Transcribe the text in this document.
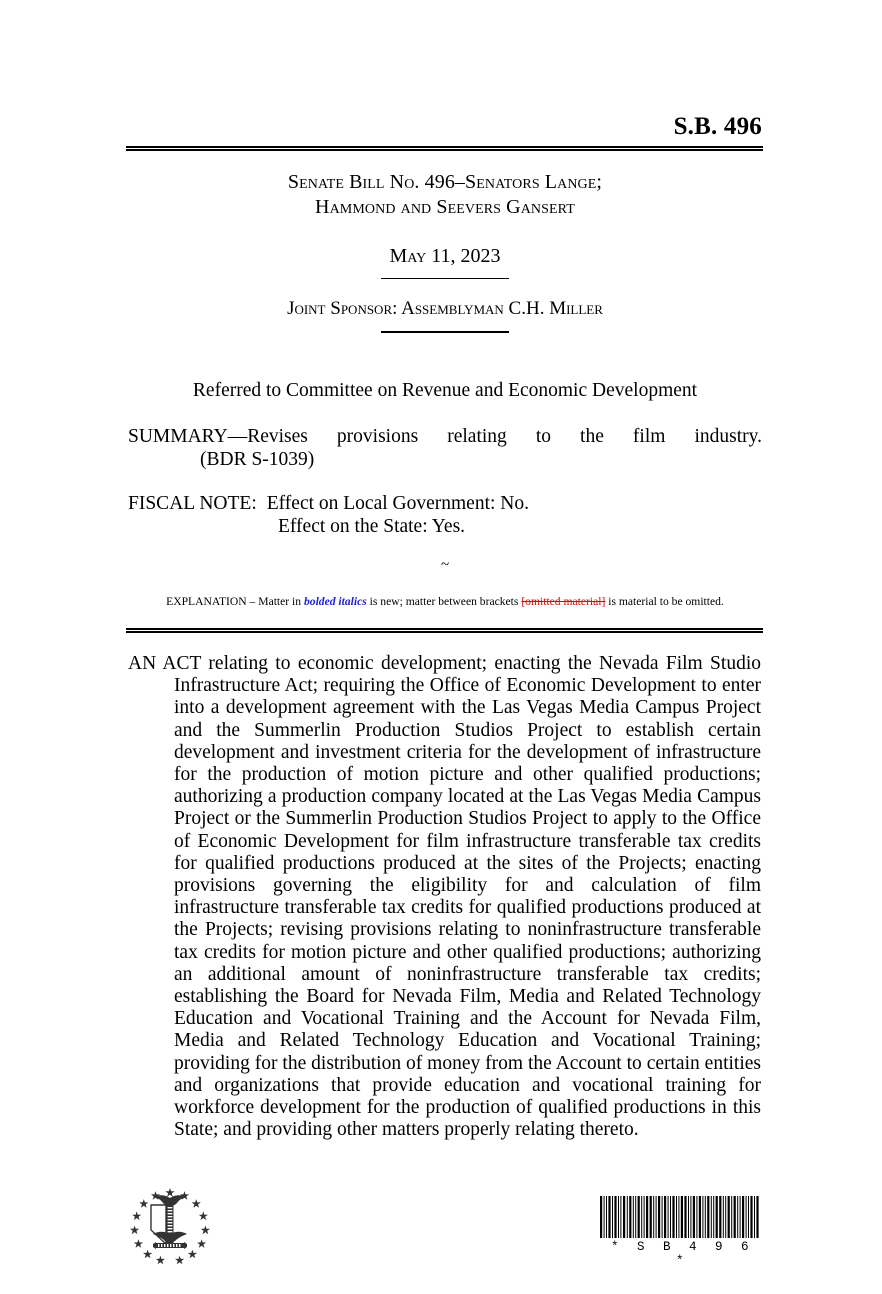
S.B. 496
Senate Bill No. 496–Senators Lange;
Hammond and Seevers Gansert
May 11, 2023
Joint Sponsor: Assemblyman C.H. Miller
Referred to Committee on Revenue and Economic Development
SUMMARY—Revises provisions relating to the film industry.
(BDR S-1039)
FISCAL NOTE: Effect on Local Government: No.
Effect on the State: Yes.
~
EXPLANATION – Matter in bolded italics is new; matter between brackets [omitted material] is material to be omitted.
AN ACT relating to economic development; enacting the Nevada Film Studio Infrastructure Act; requiring the Office of Economic Development to enter into a development agreement with the Las Vegas Media Campus Project and the Summerlin Production Studios Project to establish certain development and investment criteria for the development of infrastructure for the production of motion picture and other qualified productions; authorizing a production company located at the Las Vegas Media Campus Project or the Summerlin Production Studios Project to apply to the Office of Economic Development for film infrastructure transferable tax credits for qualified productions produced at the sites of the Projects; enacting provisions governing the eligibility for and calculation of film infrastructure transferable tax credits for qualified productions produced at the Projects; revising provisions relating to noninfrastructure transferable tax credits for motion picture and other qualified productions; authorizing an additional amount of noninfrastructure transferable tax credits; establishing the Board for Nevada Film, Media and Related Technology Education and Vocational Training and the Account for Nevada Film, Media and Related Technology Education and Vocational Training; providing for the distribution of money from the Account to certain entities and organizations that provide education and vocational training for workforce development for the production of qualified productions in this State; and providing other matters properly relating thereto.
* S B 4 9 6 *
